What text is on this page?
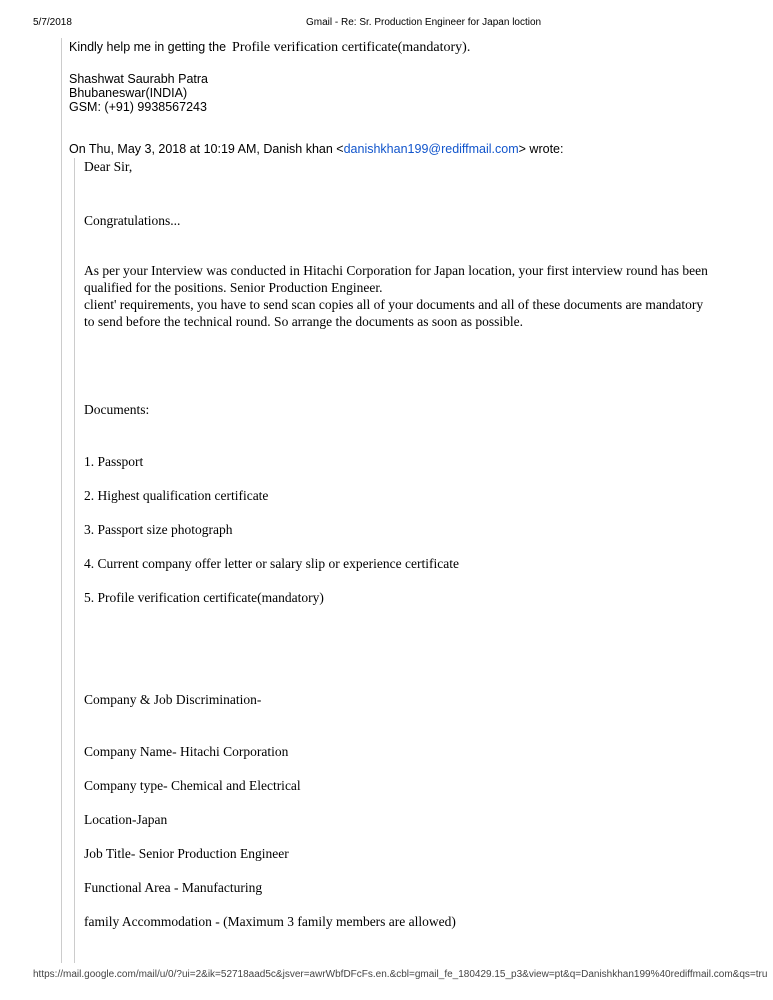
5/7/2018	Gmail - Re: Sr. Production Engineer for Japan loction
Kindly help me in getting the Profile verification certificate(mandatory).
Shashwat Saurabh Patra
Bhubaneswar(INDIA)
GSM: (+91) 9938567243
On Thu, May 3, 2018 at 10:19 AM, Danish khan <danishkhan199@rediffmail.com> wrote:
Dear Sir,
Congratulations...
As per your Interview was conducted in Hitachi Corporation for Japan location, your first interview round has been qualified for the positions. Senior Production Engineer.
client' requirements, you have to send scan copies all of your documents and all of these documents are mandatory to send before the technical round. So arrange the documents as soon as possible.
Documents:
1. Passport
2. Highest qualification certificate
3. Passport size photograph
4. Current company offer letter or salary slip or experience certificate
5. Profile verification certificate(mandatory)
Company & Job Discrimination-
Company Name- Hitachi Corporation
Company type- Chemical and Electrical
Location-Japan
Job Title- Senior Production Engineer
Functional Area - Manufacturing
family Accommodation - (Maximum 3 family members are allowed)
https://mail.google.com/mail/u/0/?ui=2&ik=52718aad5c&jsver=awrWbfDFcFs.en.&cbl=gmail_fe_180429.15_p3&view=pt&q=Danishkhan199%40rediffmail.com&qs=tru
